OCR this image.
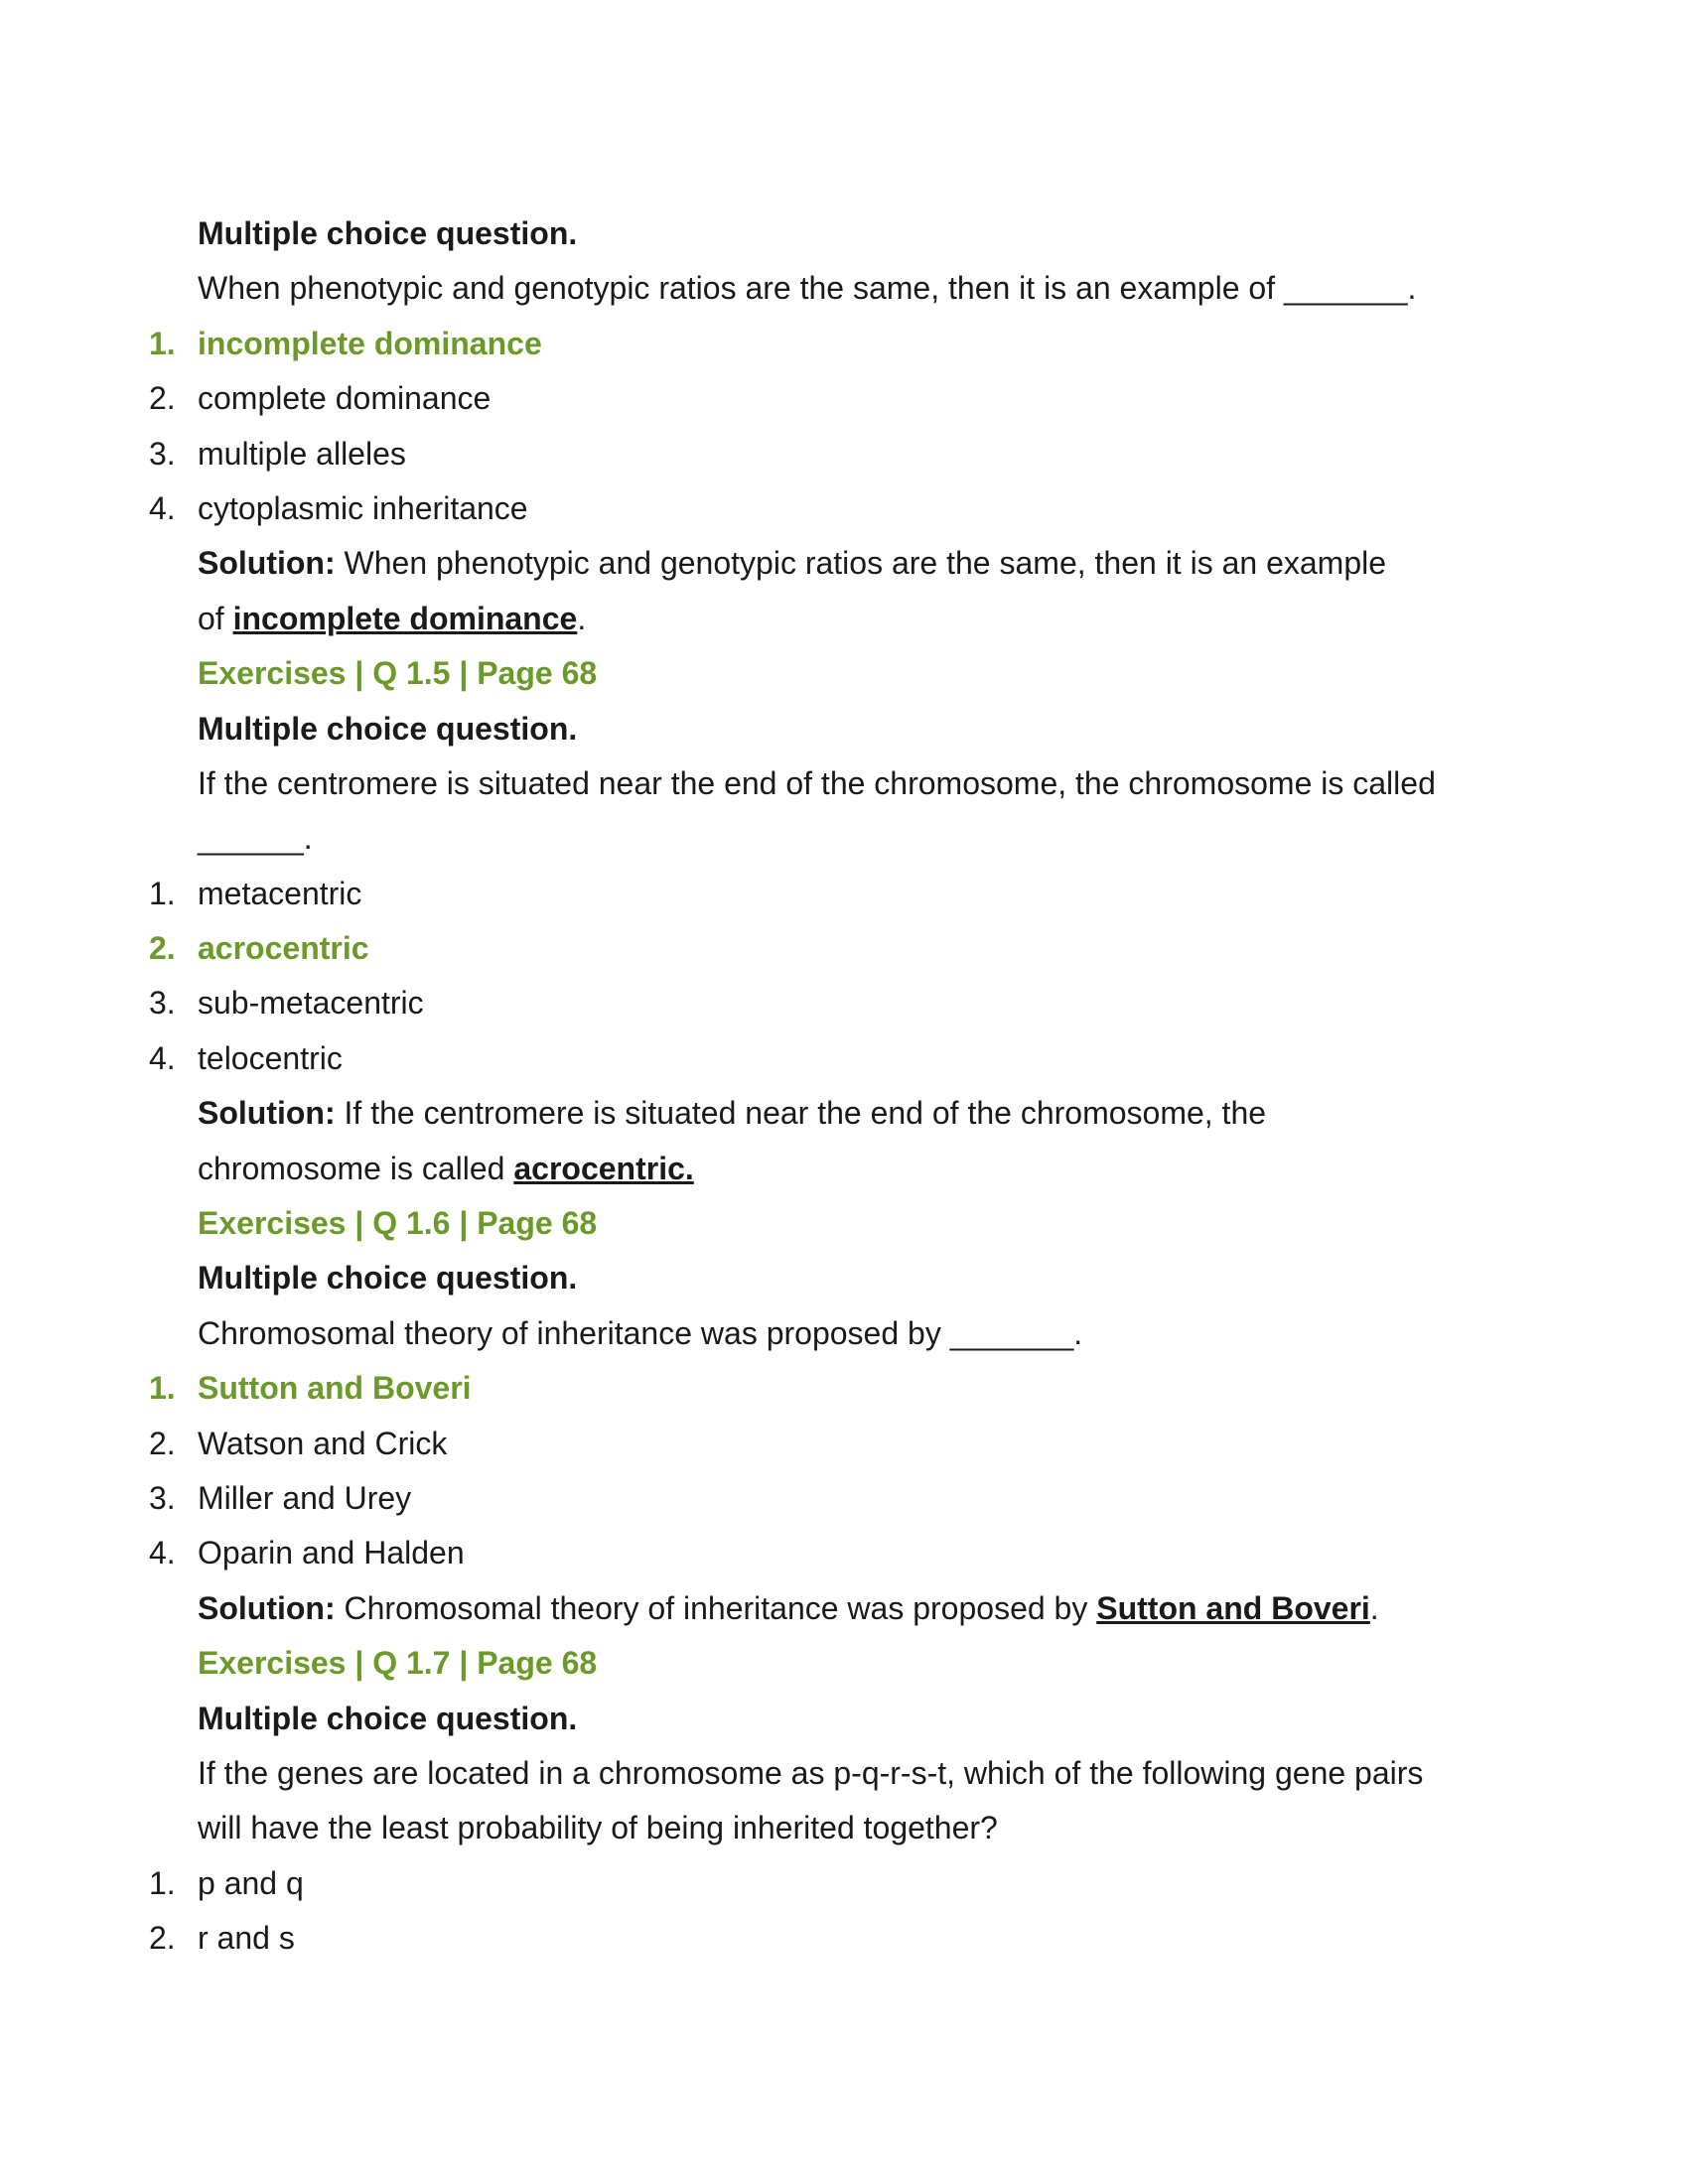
Multiple choice question.
When phenotypic and genotypic ratios are the same, then it is an example of _______.
1. incomplete dominance
2. complete dominance
3. multiple alleles
4. cytoplasmic inheritance
Solution: When phenotypic and genotypic ratios are the same, then it is an example
of incomplete dominance.
Exercises | Q 1.5 | Page 68
Multiple choice question.
If the centromere is situated near the end of the chromosome, the chromosome is called
______.
1. metacentric
2. acrocentric
3. sub-metacentric
4. telocentric
Solution: If the centromere is situated near the end of the chromosome, the
chromosome is called acrocentric.
Exercises | Q 1.6 | Page 68
Multiple choice question.
Chromosomal theory of inheritance was proposed by _______.
1. Sutton and Boveri
2. Watson and Crick
3. Miller and Urey
4. Oparin and Halden
Solution: Chromosomal theory of inheritance was proposed by Sutton and Boveri.
Exercises | Q 1.7 | Page 68
Multiple choice question.
If the genes are located in a chromosome as p-q-r-s-t, which of the following gene pairs
will have the least probability of being inherited together?
1. p and q
2. r and s
